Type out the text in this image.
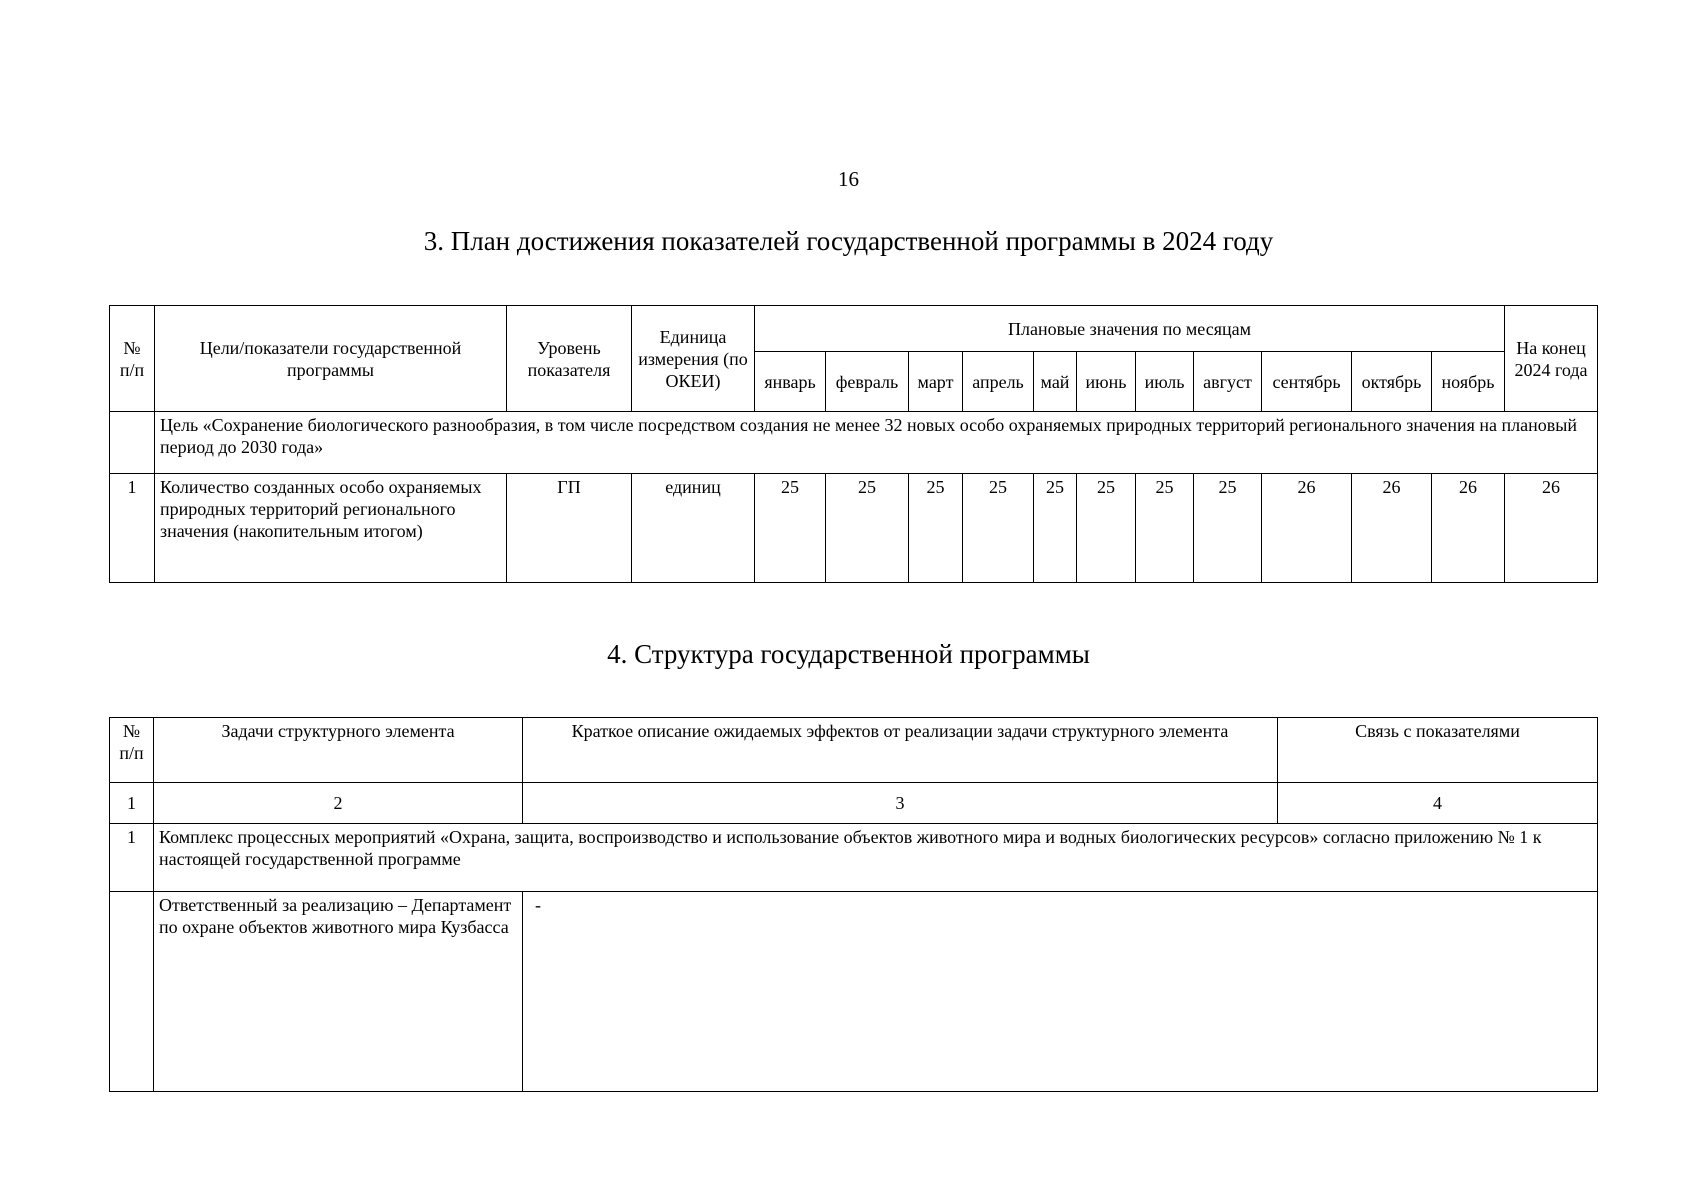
16
3. План достижения показателей государственной программы в 2024 году
№ п/п	Цели/показатели государственной программы	Уровень показателя	Единица измерения (по ОКЕИ)	Плановые значения по месяцам											На конец 2024 года
				январь	февраль	март	апрель	май	июнь	июль	август	сентябрь	октябрь	ноябрь	
	Цель «Сохранение биологического разнообразия, в том числе посредством создания не менее 32 новых особо охраняемых природных территорий регионального значения на плановый период до 2030 года»														
1	Количество созданных особо охраняемых природных территорий регионального значения (накопительным итогом)	ГП	единиц	25	25	25	25	25	25	25	25	26	26	26	26
4. Структура государственной программы
№ п/п	Задачи структурного элемента	Краткое описание ожидаемых эффектов от реализации задачи структурного элемента	Связь с показателями
1	2	3	4
1	Комплекс процессных мероприятий «Охрана, защита, воспроизводство и использование объектов животного мира и водных биологических ресурсов» согласно приложению № 1 к настоящей государственной программе		
	Ответственный за реализацию – Департамент по охране объектов животного мира Кузбасса	-	
